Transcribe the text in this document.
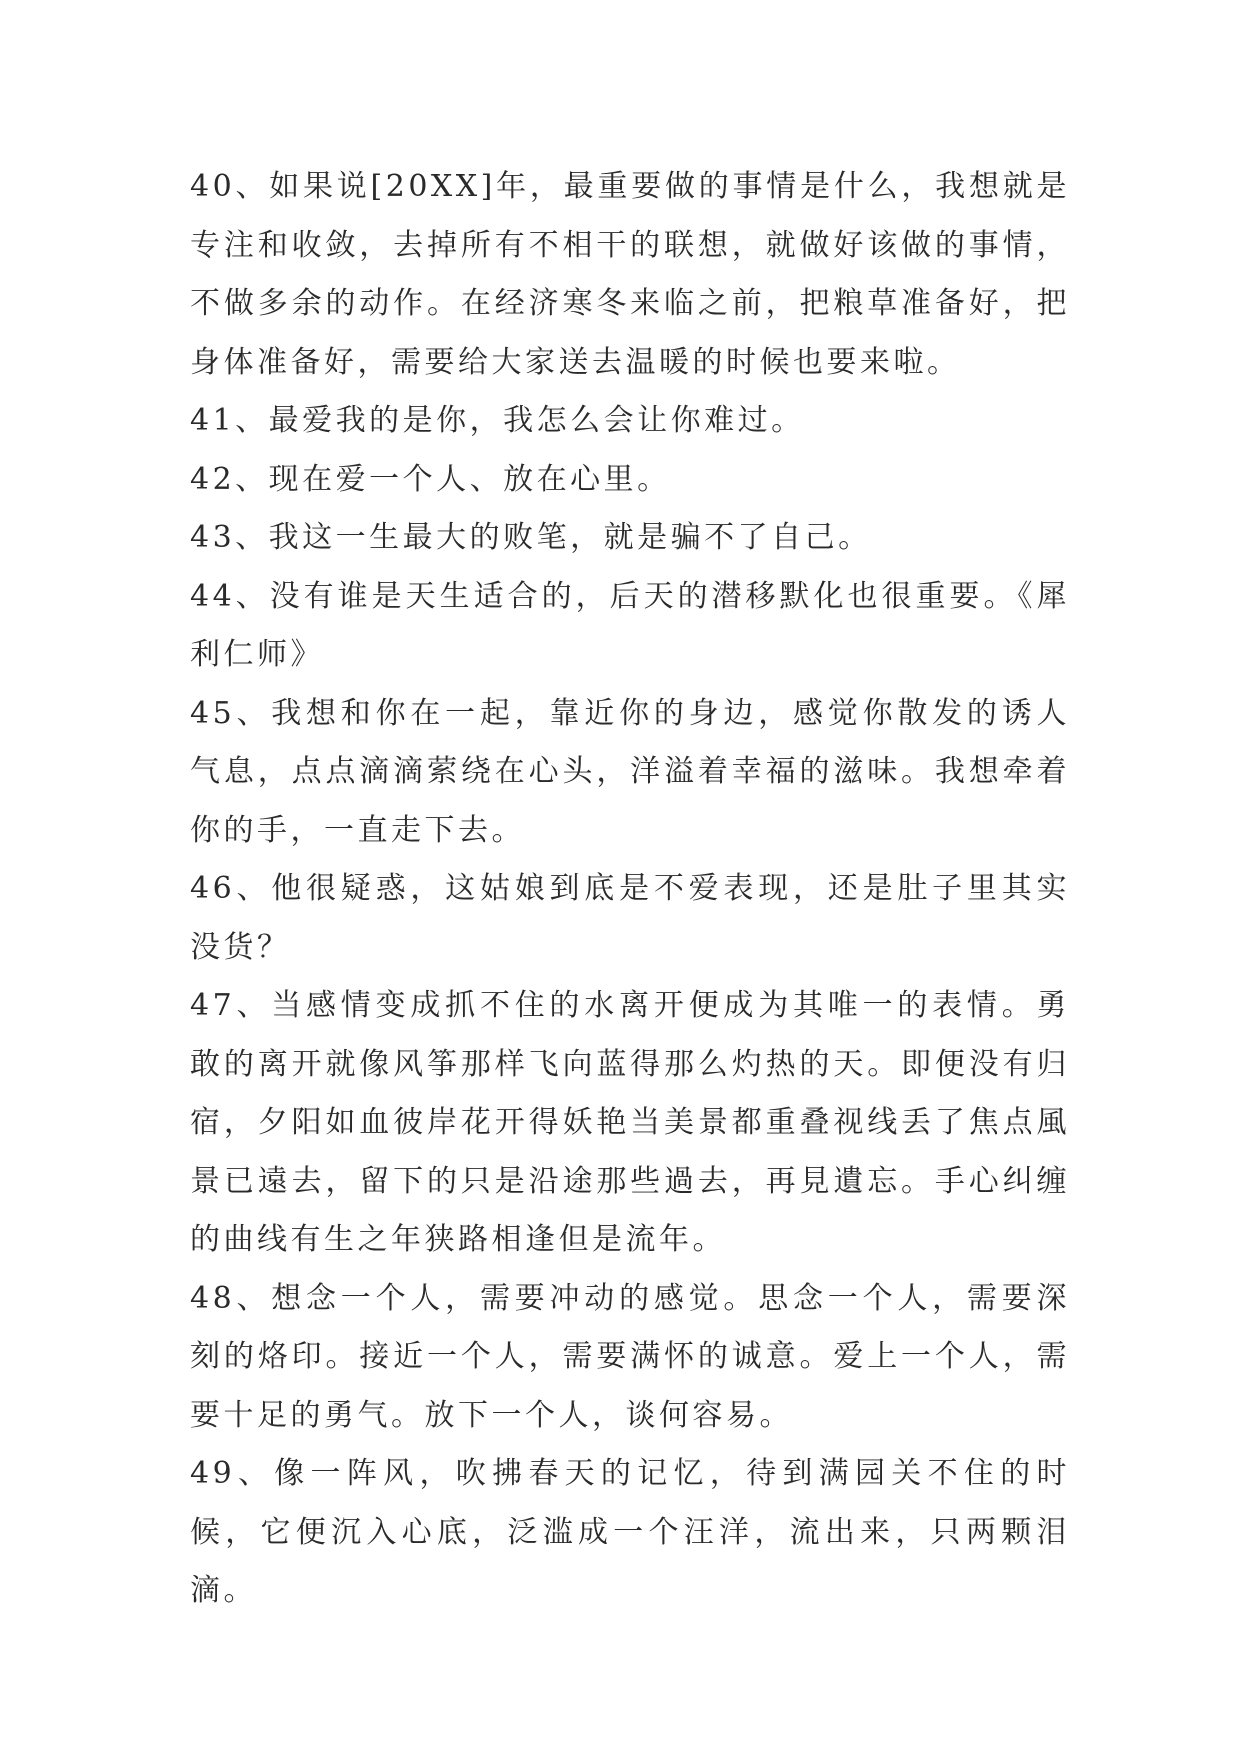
40、如果说[20XX]年，最重要做的事情是什么，我想就是专注和收敛，去掉所有不相干的联想，就做好该做的事情，不做多余的动作。在经济寒冬来临之前，把粮草准备好，把身体准备好，需要给大家送去温暖的时候也要来啦。

41、最爱我的是你，我怎么会让你难过。

42、现在爱一个人、放在心里。

43、我这一生最大的败笔，就是骗不了自己。

44、没有谁是天生适合的，后天的潜移默化也很重要。《犀利仁师》

45、我想和你在一起，靠近你的身边，感觉你散发的诱人气息，点点滴滴萦绕在心头，洋溢着幸福的滋味。我想牵着你的手，一直走下去。

46、他很疑惑，这姑娘到底是不爱表现，还是肚子里其实没货？

47、当感情变成抓不住的水离开便成为其唯一的表情。勇敢的离开就像风筝那样飞向蓝得那么灼热的天。即便没有归宿，夕阳如血彼岸花开得妖艳当美景都重叠视线丢了焦点風景已遠去，留下的只是沿途那些過去，再見遺忘。手心纠缠的曲线有生之年狭路相逢但是流年。

48、想念一个人，需要冲动的感觉。思念一个人，需要深刻的烙印。接近一个人，需要满怀的诚意。爱上一个人，需要十足的勇气。放下一个人，谈何容易。

49、像一阵风，吹拂春天的记忆，待到满园关不住的时候，它便沉入心底，泛滥成一个汪洋，流出来，只两颗泪滴。
